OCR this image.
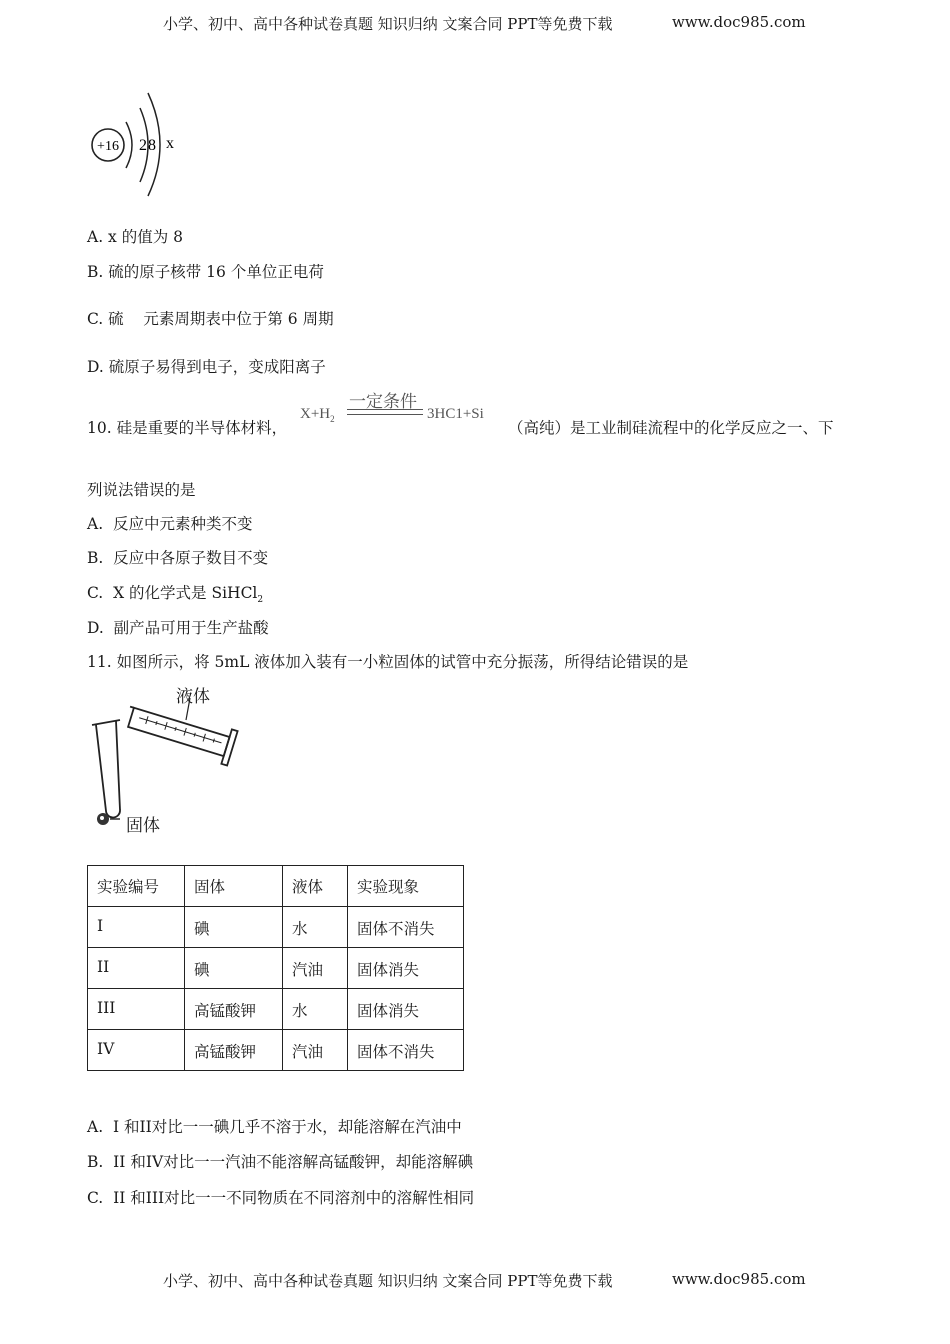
小学、初中、高中各种试卷真题 知识归纳 文案合同 PPT等免费下载	www.doc985.com
+16 2 8 x
A. x 的值为 8
B. 硫的原子核带 16 个单位正电荷
C. 硫    元素周期表中位于第 6 周期
D. 硫原子易得到电子，变成阳离子
10. 硅是重要的半导体材料，
$X+H_2$
一定条件
3HC1+Si
（高纯）是工业制硅流程中的化学反应之一、下
列说法错误的是
A.  反应中元素种类不变
B.  反应中各原子数目不变
C.  X 的化学式是 SiHCl$_2$
D.  副产品可用于生产盐酸
11. 如图所示，将 5mL 液体加入装有一小粒固体的试管中充分振荡，所得结论错误的是
液体
固体
实验编号	固体	液体	实验现象
I	碘	水	固体不消失
II	碘	汽油	固体消失
III	高锰酸钾	水	固体消失
IV	高锰酸钾	汽油	固体不消失
A.  I 和II对比一一碘几乎不溶于水，却能溶解在汽油中
B.  II 和IV对比一一汽油不能溶解高锰酸钾，却能溶解碘
C.  II 和III对比一一不同物质在不同溶剂中的溶解性相同
小学、初中、高中各种试卷真题 知识归纳 文案合同 PPT等免费下载	www.doc985.com
